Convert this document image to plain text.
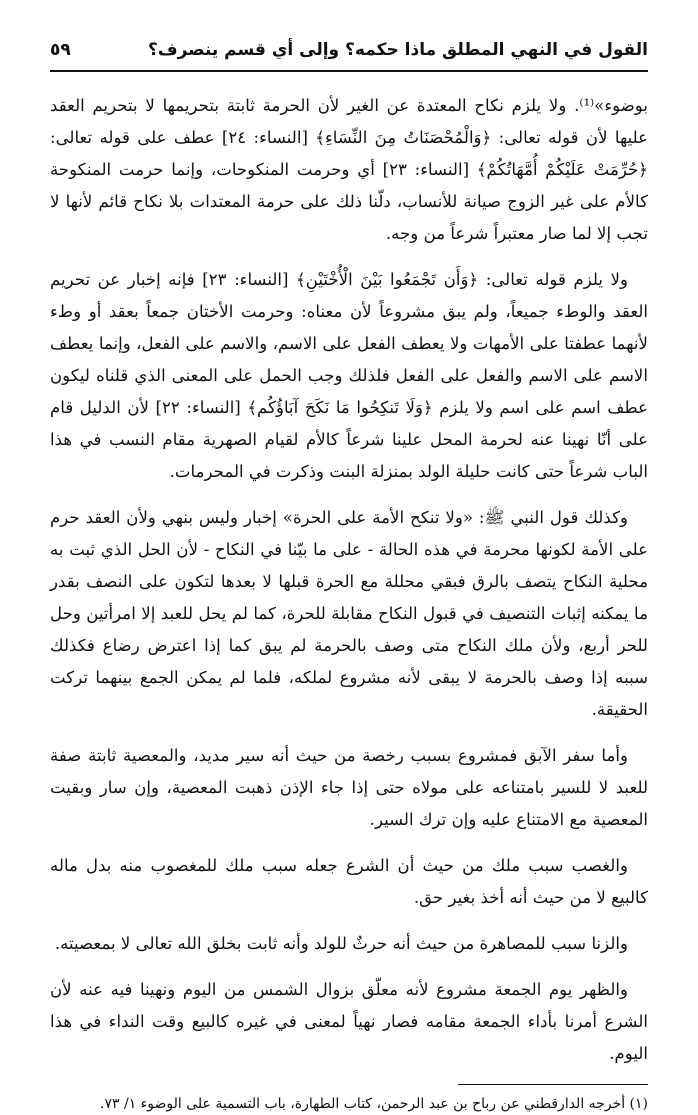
القول في النهي المطلق ماذا حكمه؟ وإلى أي قسم ينصرف؟
٥٩

بوضوء»⁽¹⁾. ولا يلزم نكاح المعتدة عن الغير لأن الحرمة ثابتة بتحريمها لا بتحريم العقد عليها لأن قوله تعالى: ﴿وَالْمُحْصَنَاتُ مِنَ النِّسَاءِ﴾ [النساء: ٢٤] عطف على قوله تعالى: ﴿حُرِّمَتْ عَلَيْكُمْ أُمَّهَاتُكُمْ﴾ [النساء: ٢٣] أي وحرمت المنكوحات، وإنما حرمت المنكوحة كالأم على غير الزوج صيانة للأنساب، دلّنا ذلك على حرمة المعتدات بلا نكاح قائم لأنها لا تجب إلا لما صار معتبراً شرعاً من وجه.

ولا يلزم قوله تعالى: ﴿وَأَن تَجْمَعُوا بَيْنَ الْأُخْتَيْنِ﴾ [النساء: ٢٣] فإنه إخبار عن تحريم العقد والوطء جميعاً، ولم يبق مشروعاً لأن معناه: وحرمت الأختان جمعاً بعقد أو وطء لأنهما عطفتا على الأمهات ولا يعطف الفعل على الاسم، والاسم على الفعل، وإنما يعطف الاسم على الاسم والفعل على الفعل فلذلك وجب الحمل على المعنى الذي قلناه ليكون عطف اسم على اسم ولا يلزم ﴿وَلَا تَنكِحُوا مَا نَكَحَ آبَاؤُكُم﴾ [النساء: ٢٢] لأن الدليل قام على أنّا نهينا عنه لحرمة المحل علينا شرعاً كالأم لقيام الصهرية مقام النسب في هذا الباب شرعاً حتى كانت حليلة الولد بمنزلة البنت وذكرت في المحرمات.

وكذلك قول النبي ﷺ: «ولا تنكح الأمة على الحرة» إخبار وليس بنهي ولأن العقد حرم على الأمة لكونها محرمة في هذه الحالة - على ما بيّنا في النكاح - لأن الحل الذي ثبت به محلية النكاح يتصف بالرق فبقي محللة مع الحرة قبلها لا بعدها لتكون على النصف بقدر ما يمكنه إثبات التنصيف في قبول النكاح مقابلة للحرة، كما لم يحل للعبد إلا امرأتين وحل للحر أربع، ولأن ملك النكاح متى وصف بالحرمة لم يبق كما إذا اعترض رضاع فكذلك سببه إذا وصف بالحرمة لا يبقى لأنه مشروع لملكه، فلما لم يمكن الجمع بينهما تركت الحقيقة.

وأما سفر الآبق فمشروع بسبب رخصة من حيث أنه سير مديد، والمعصية ثابتة صفة للعبد لا للسير بامتناعه على مولاه حتى إذا جاء الإذن ذهبت المعصية، وإن سار وبقيت المعصية مع الامتناع عليه وإن ترك السير.

والغصب سبب ملك من حيث أن الشرع جعله سبب ملك للمغصوب منه بدل ماله كالبيع لا من حيث أنه أخذ بغير حق.

والزنا سبب للمصاهرة من حيث أنه حرثٌ للولد وأنه ثابت بخلق الله تعالى لا بمعصيته.

والظهر يوم الجمعة مشروع لأنه معلّق بزوال الشمس من اليوم ونهينا فيه عنه لأن الشرع أمرنا بأداء الجمعة مقامه فصار نهياً لمعنى في غيره كالبيع وقت النداء في هذا اليوم.

(١) أخرجه الدارقطني عن رباح بن عبد الرحمن، كتاب الطهارة، باب التسمية على الوضوء ١/ ٧٣.
